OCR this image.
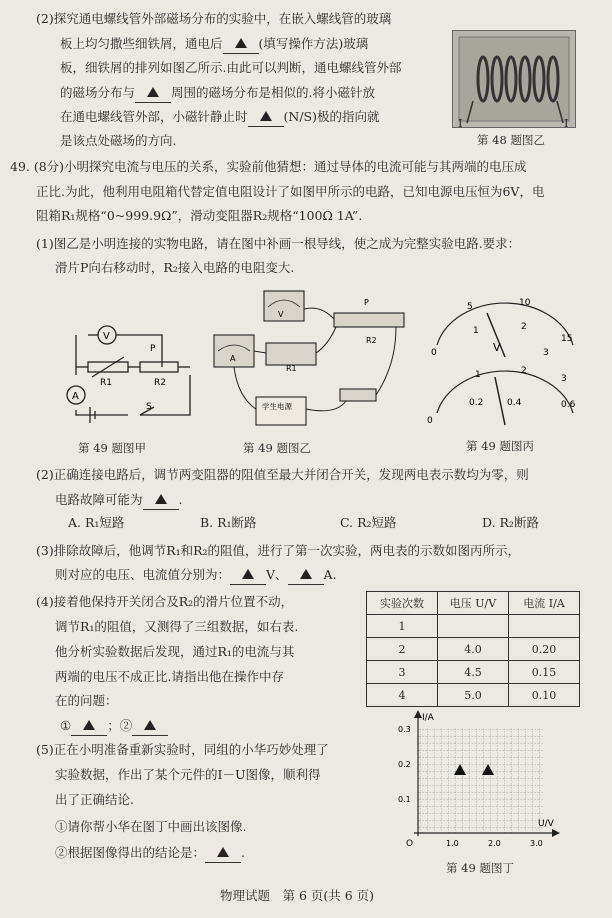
(2)探究通电螺线管外部磁场分布的实验中，在嵌入螺线管的玻璃
板上均匀撒些细铁屑，通电后	(填写操作方法)玻璃
板，细铁屑的排列如图乙所示.由此可以判断，通电螺线管外部
的磁场分布与	周围的磁场分布是相似的.将小磁针放
在通电螺线管外部，小磁针静止时	(N/S)极的指向就
是该点处磁场的方向.
I	I
第 48 题图乙
49. (8分)小明探究电流与电压的关系，实验前他猜想：通过导体的电流可能与其两端的电压成
正比.为此，他利用电阻箱代替定值电阻设计了如图甲所示的电路，已知电源电压恒为6V，电
阻箱R₁规格“0~999.9Ω”，滑动变阻器R₂规格“100Ω 1A”.
(1)图乙是小明连接的实物电路，请在图中补画一根导线，使之成为完整实验电路.要求：
滑片P向右移动时，R₂接入电路的电阻变大.
V
A
R1	R2
P
S
第 49 题图甲
V
A
R1
P
R2
学生电源
第 49 题图乙
5	10
0
1	2
3
15
V
0
0.2	0.4	0.6
1	2
3
第 49 题图丙
(2)正确连接电路后，调节两变阻器的阻值至最大并闭合开关，发现两电表示数均为零，则
电路故障可能为	.
A. R₁短路	B. R₁断路	C. R₂短路	D. R₂断路
(3)排除故障后，他调节R₁和R₂的阻值，进行了第一次实验，两电表的示数如图丙所示，
则对应的电压、电流值分别为：	V、	A.
(4)接着他保持开关闭合及R₂的滑片位置不动，
调节R₁的阻值，又测得了三组数据，如右表.
他分析实验数据后发现，通过R₁的电流与其
两端的电压不成正比.请指出他在操作中存
在的问题：
①	；②
实验次数	电压 U/V	电流 I/A
1		
2	4.0	0.20
3	4.5	0.15
4	5.0	0.10
(5)正在小明准备重新实验时，同组的小华巧妙处理了
实验数据，作出了某个元件的I－U图像，顺利得
出了正确结论.
①请你帮小华在图丁中画出该图像.
②根据图像得出的结论是：	.
I/A
U/V
O
0.3
0.2
0.1
1.0	2.0	3.0
第 49 题图丁
物理试题　第 6 页(共 6 页)
